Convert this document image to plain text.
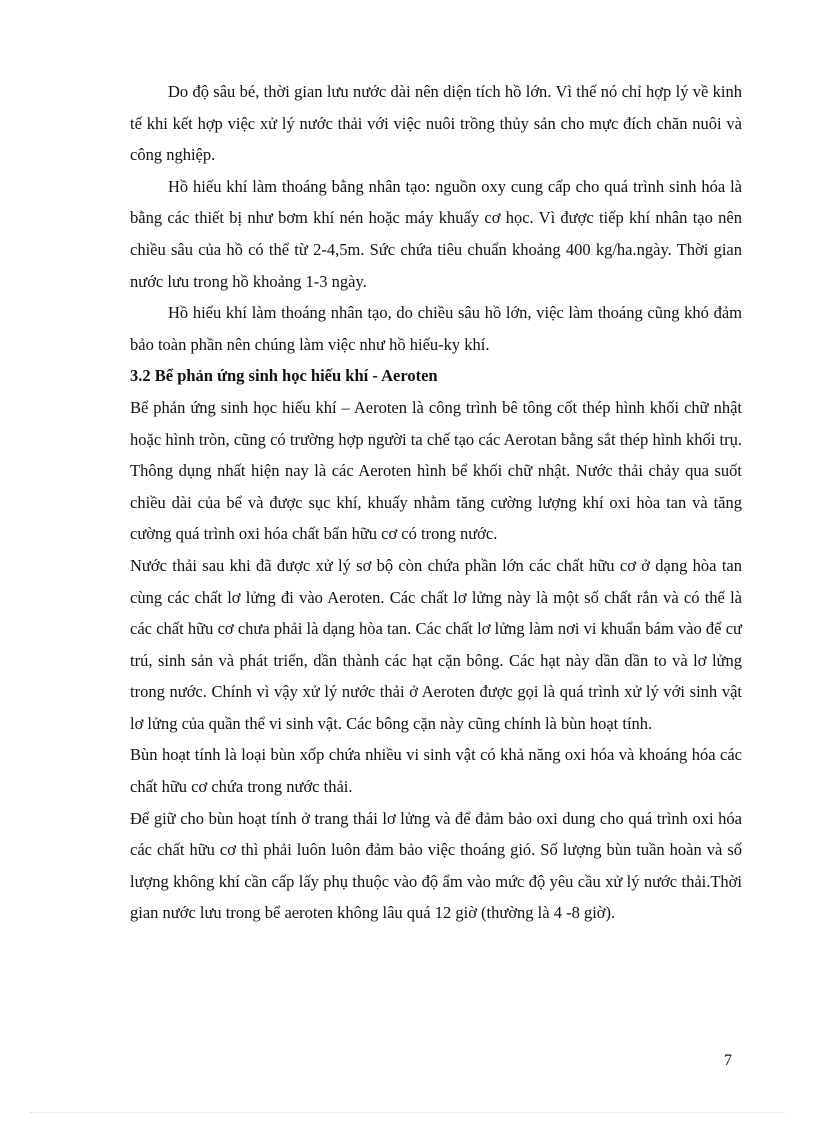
Do độ sâu bé, thời gian lưu nước dài nên diện tích hồ lớn. Vì thế nó chỉ hợp lý về kinh tế khi kết hợp việc xử lý nước thải với việc nuôi trồng thủy sản cho mực đích chăn nuôi và công nghiệp.

Hồ hiếu khí làm thoáng bằng nhân tạo: nguồn oxy cung cấp cho quá trình sinh hóa là bằng các thiết bị như bơm khí nén hoặc máy khuấy cơ học. Vì được tiếp khí nhân tạo nên chiều sâu của hồ có thể từ 2-4,5m. Sức chứa tiêu chuẩn khoảng 400 kg/ha.ngày. Thời gian nước lưu trong hồ khoảng 1-3 ngày.

Hồ hiếu khí làm thoáng nhân tạo, do chiều sâu hồ lớn, việc làm thoáng cũng khó đảm bảo toàn phần nên chúng làm việc như hồ hiếu-ky khí.

3.2 Bể phản ứng sinh học hiếu khí - Aeroten

Bể phản ứng sinh học hiếu khí – Aeroten là công trình bê tông cốt thép hình khối chữ nhật hoặc hình tròn, cũng có trường hợp người ta chế tạo các Aerotan bằng sắt thép hình khối trụ. Thông dụng nhất hiện nay là các Aeroten hình bể khối chữ nhật. Nước thải chảy qua suốt chiều dài của bể và được sục khí, khuấy nhằm tăng cường lượng khí oxi hòa tan và tăng cường quá trình oxi hóa chất bẩn hữu cơ có trong nước.

Nước thải sau khi đã được xử lý sơ bộ còn chứa phần lớn các chất hữu cơ ở dạng hòa tan cùng các chất lơ lửng đi vào Aeroten. Các chất lơ lửng này là một số chất rắn và có thể là các chất hữu cơ chưa phải là dạng hòa tan. Các chất lơ lửng làm nơi vi khuẩn bám vào để cư trú, sinh sản và phát triển, dần thành các hạt cặn bông. Các hạt này dần dần to và lơ lửng trong nước. Chính vì vậy xử lý nước thải ở Aeroten được gọi là quá trình xử lý với sinh vật lơ lửng của quần thể vi sinh vật. Các bông cặn này cũng chính là bùn hoạt tính.

Bùn hoạt tính là loại bùn xốp chứa nhiều vi sinh vật có khả năng oxi hóa và khoáng hóa các chất hữu cơ chứa trong nước thải.

Để giữ cho bùn hoạt tính ở trang thái lơ lửng và để đảm bảo oxi dung cho quá trình oxi hóa các chất hữu cơ thì phải luôn luôn đảm bảo việc thoáng gió. Số lượng bùn tuần hoàn và số lượng không khí cần cấp lấy phụ thuộc vào độ ẩm vào mức độ yêu cầu xử lý nước thải.Thời gian nước lưu trong bể aeroten không lâu quá 12 giờ (thường là 4 -8 giờ).

7
